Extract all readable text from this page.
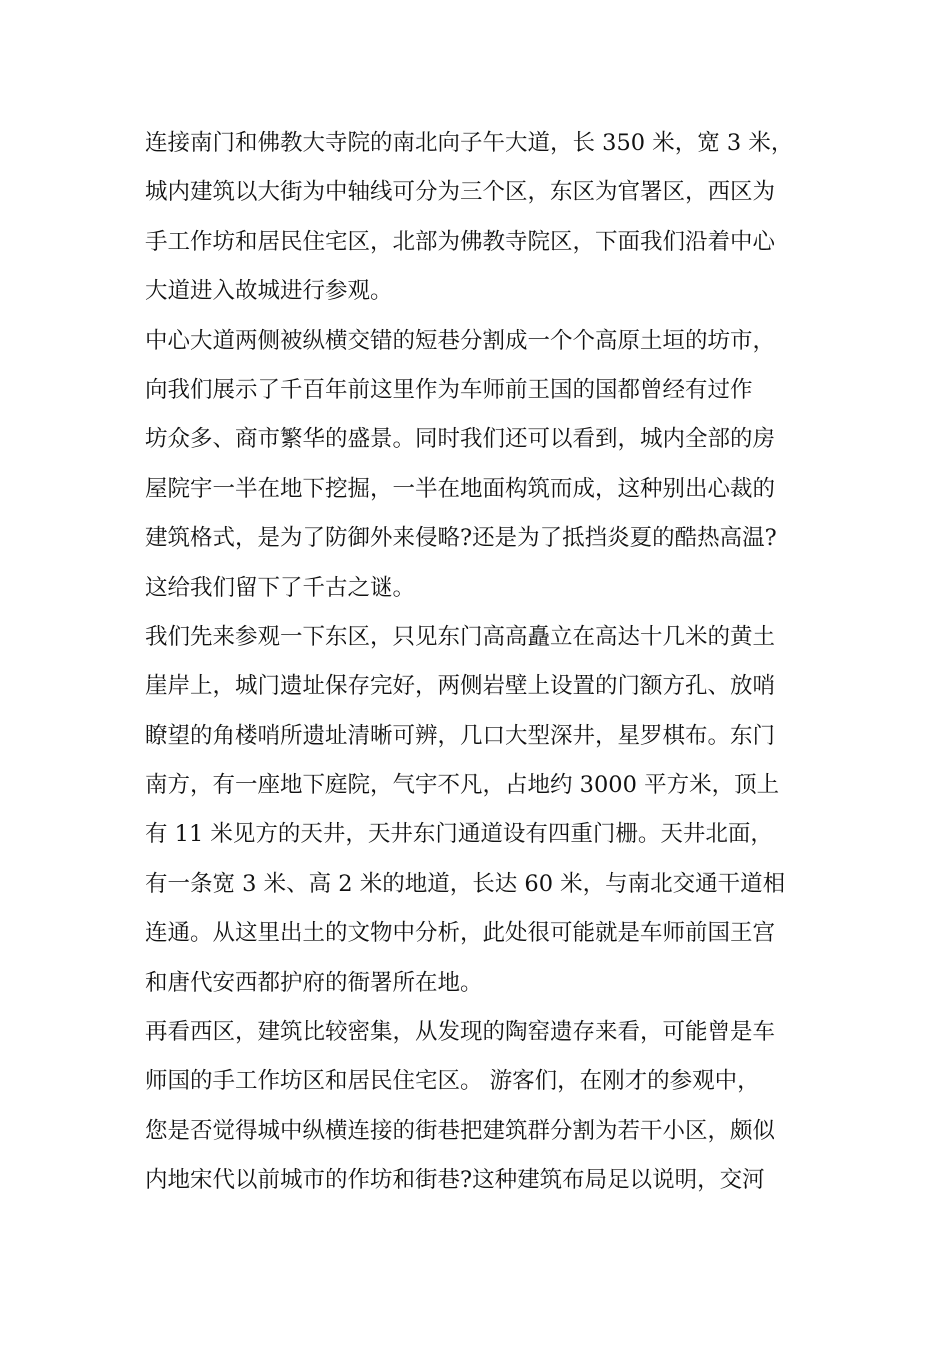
连接南门和佛教大寺院的南北向子午大道，长 350 米，宽 3 米，
城内建筑以大街为中轴线可分为三个区，东区为官署区，西区为
手工作坊和居民住宅区，北部为佛教寺院区，下面我们沿着中心
大道进入故城进行参观。
中心大道两侧被纵横交错的短巷分割成一个个高原土垣的坊市，
向我们展示了千百年前这里作为车师前王国的国都曾经有过作
坊众多、商市繁华的盛景。同时我们还可以看到，城内全部的房
屋院宇一半在地下挖掘，一半在地面构筑而成，这种别出心裁的
建筑格式，是为了防御外来侵略?还是为了抵挡炎夏的酷热高温?
这给我们留下了千古之谜。
我们先来参观一下东区，只见东门高高矗立在高达十几米的黄土
崖岸上，城门遗址保存完好，两侧岩壁上设置的门额方孔、放哨
瞭望的角楼哨所遗址清晰可辨，几口大型深井，星罗棋布。东门
南方，有一座地下庭院，气宇不凡，占地约 3000 平方米，顶上
有 11 米见方的天井，天井东门通道设有四重门栅。天井北面，
有一条宽 3 米、高 2 米的地道，长达 60 米，与南北交通干道相
连通。从这里出土的文物中分析，此处很可能就是车师前国王宫
和唐代安西都护府的衙署所在地。
再看西区，建筑比较密集，从发现的陶窑遗存来看，可能曾是车
师国的手工作坊区和居民住宅区。 游客们，在刚才的参观中，
您是否觉得城中纵横连接的街巷把建筑群分割为若干小区，颇似
内地宋代以前城市的作坊和街巷?这种建筑布局足以说明，交河
